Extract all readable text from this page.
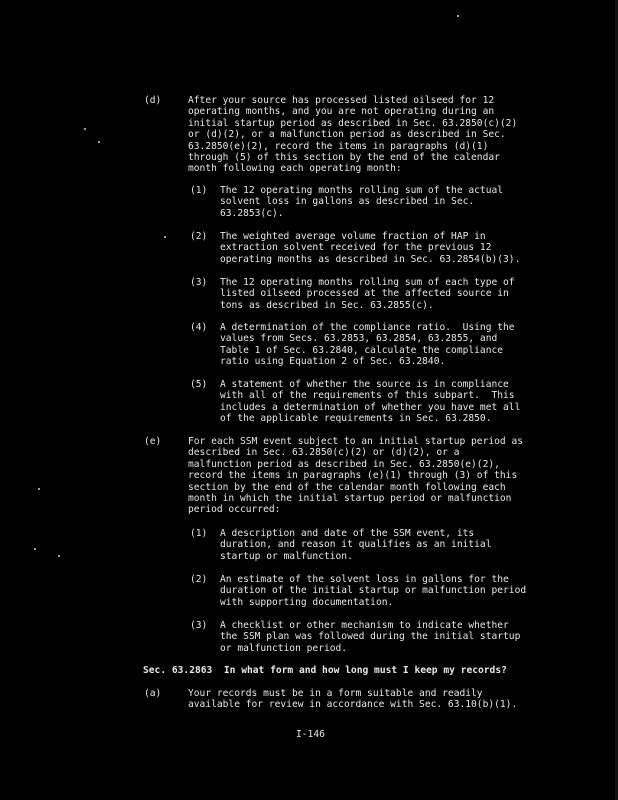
(d)	After your source has processed listed oilseed for 12
operating months, and you are not operating during an
initial startup period as described in Sec. 63.2850(c)(2)
or (d)(2), or a malfunction period as described in Sec.
63.2850(e)(2), record the items in paragraphs (d)(1)
through (5) of this section by the end of the calendar
month following each operating month:
(1) The 12 operating months rolling sum of the actual
solvent loss in gallons as described in Sec.
63.2853(c).
(2) The weighted average volume fraction of HAP in
extraction solvent received for the previous 12
operating months as described in Sec. 63.2854(b)(3).
(3) The 12 operating months rolling sum of each type of
listed oilseed processed at the affected source in
tons as described in Sec. 63.2855(c).
(4) A determination of the compliance ratio.  Using the
values from Secs. 63.2853, 63.2854, 63.2855, and
Table 1 of Sec. 63.2840, calculate the compliance
ratio using Equation 2 of Sec. 63.2840.
(5) A statement of whether the source is in compliance
with all of the requirements of this subpart.  This
includes a determination of whether you have met all
of the applicable requirements in Sec. 63.2850.
(e)	For each SSM event subject to an initial startup period as
described in Sec. 63.2850(c)(2) or (d)(2), or a
malfunction period as described in Sec. 63.2850(e)(2),
record the items in paragraphs (e)(1) through (3) of this
section by the end of the calendar month following each
month in which the initial startup period or malfunction
period occurred:
(1) A description and date of the SSM event, its
duration, and reason it qualifies as an initial
startup or malfunction.
(2) An estimate of the solvent loss in gallons for the
duration of the initial startup or malfunction period
with supporting documentation.
(3) A checklist or other mechanism to indicate whether
the SSM plan was followed during the initial startup
or malfunction period.
Sec. 63.2863  In what form and how long must I keep my records?
(a)	Your records must be in a form suitable and readily
available for review in accordance with Sec. 63.10(b)(1).
I-146
